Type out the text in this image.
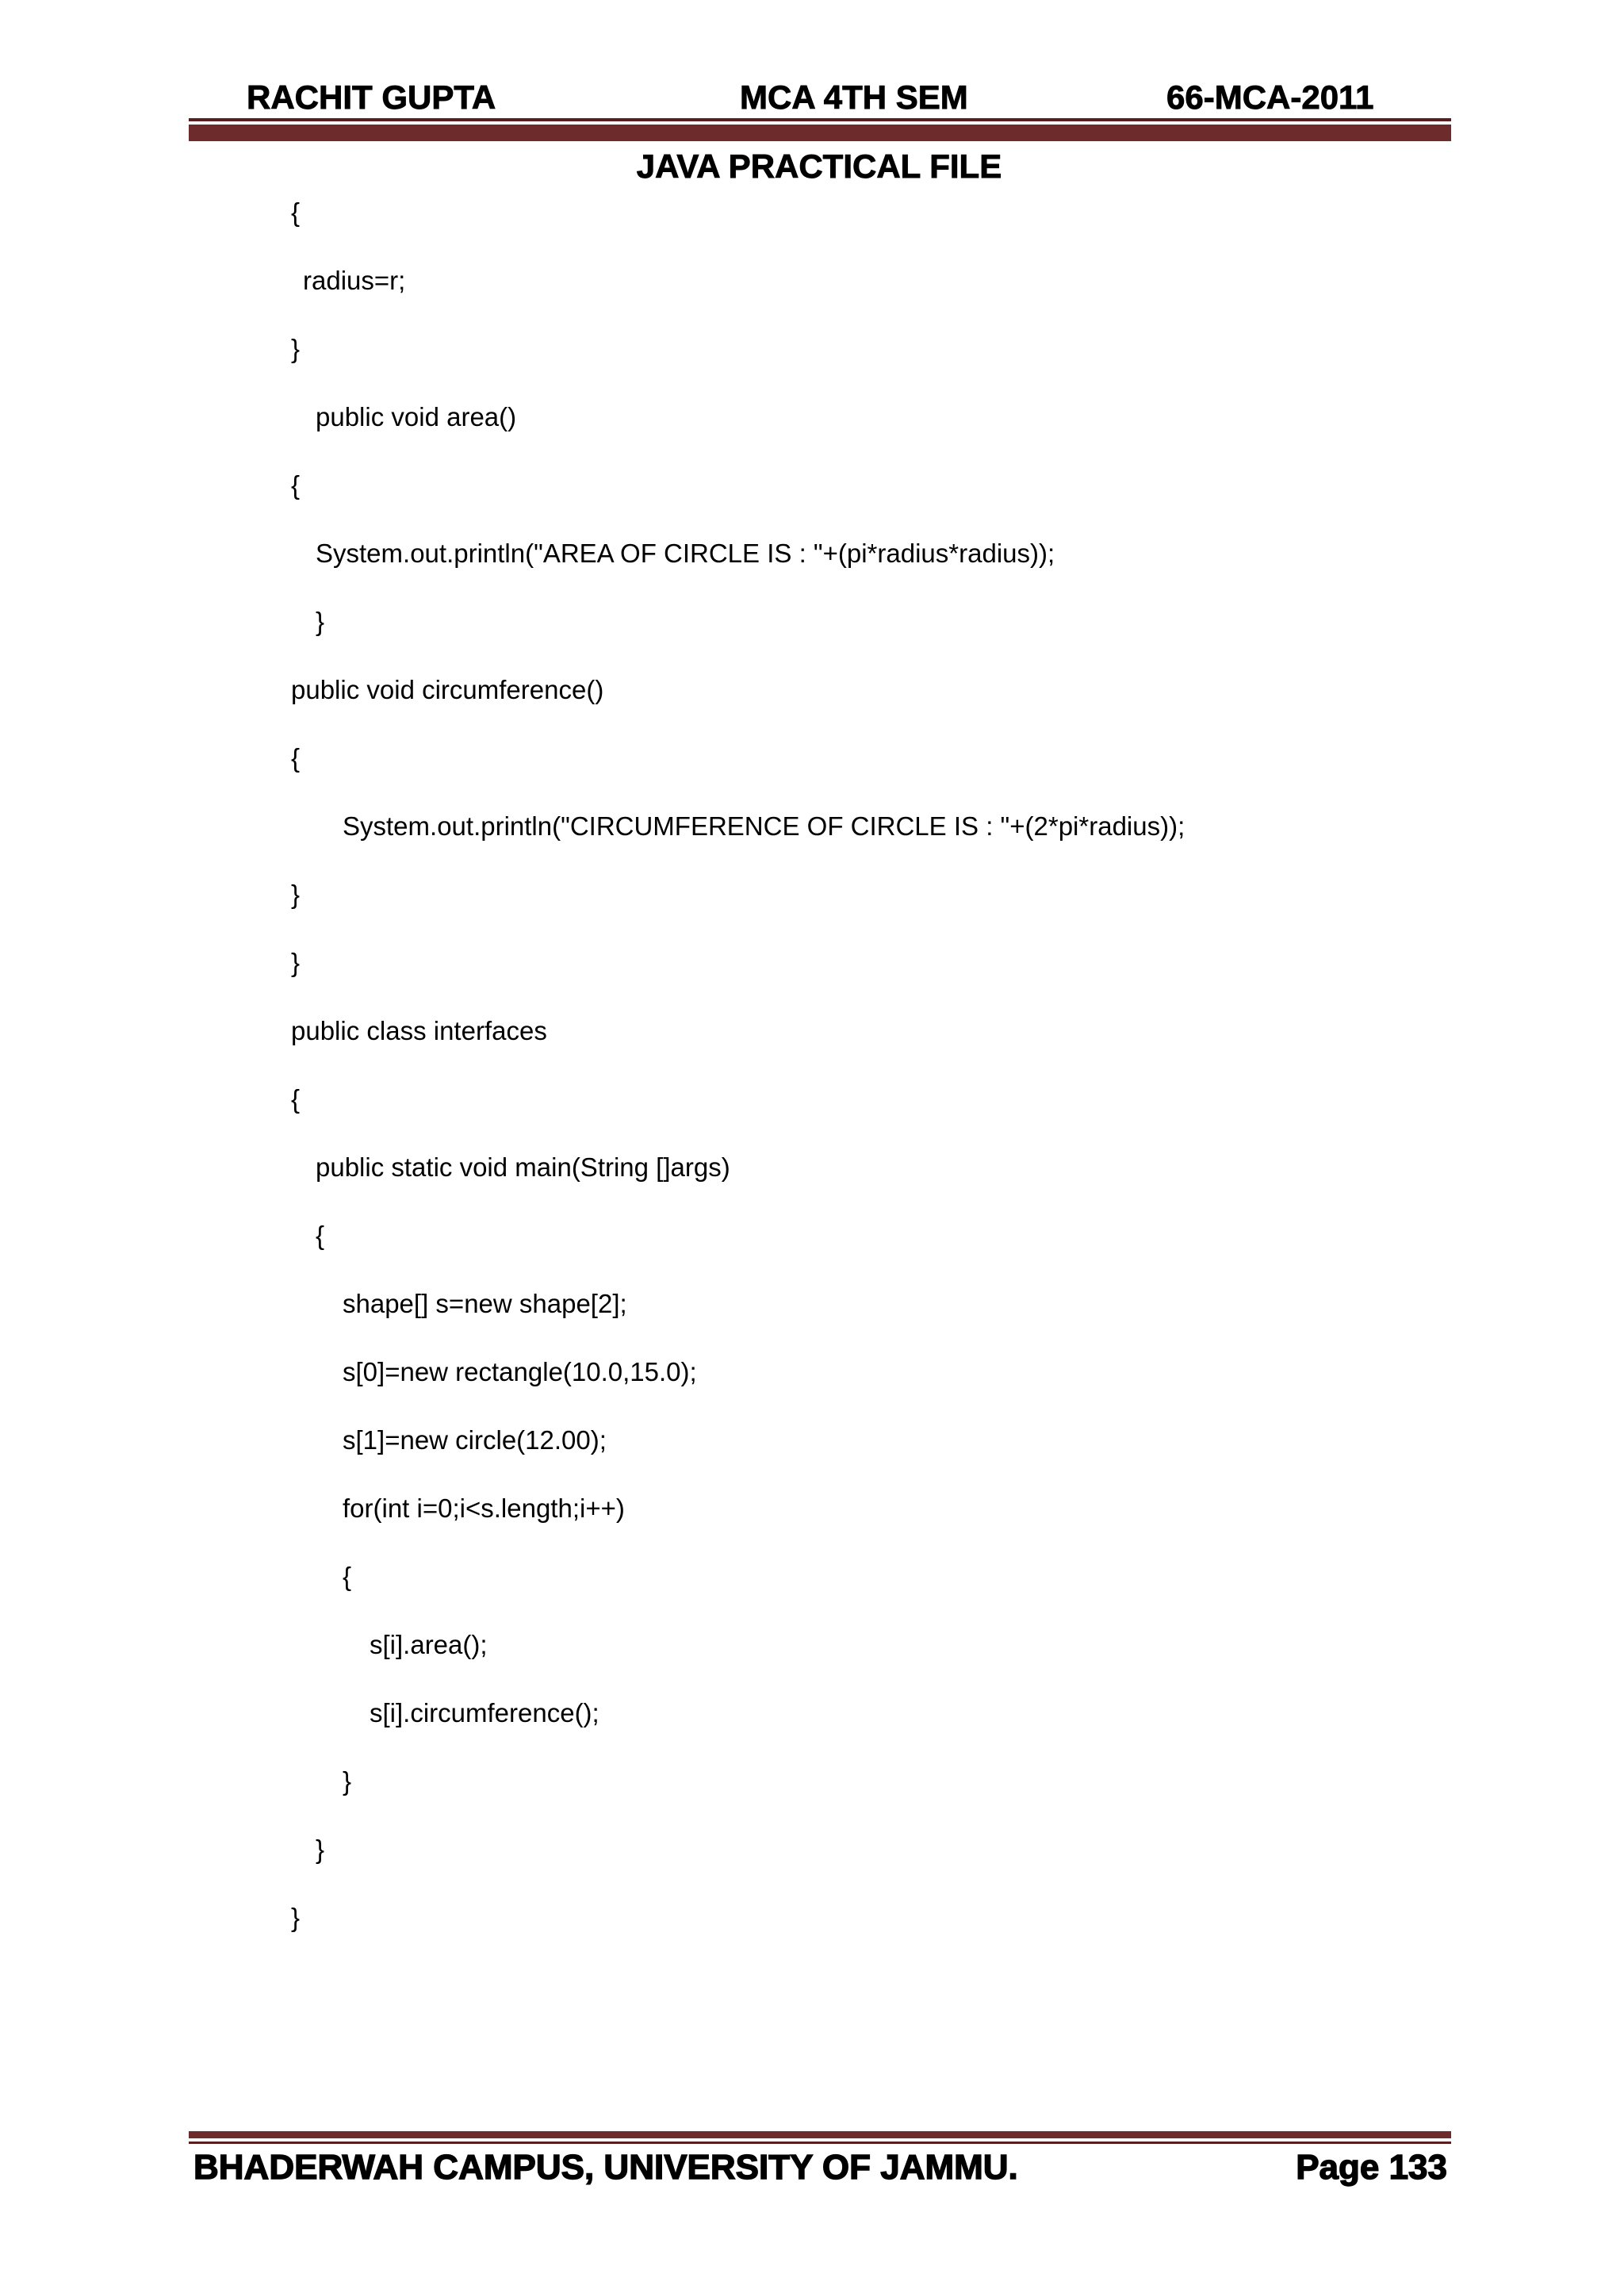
RACHIT GUPTA	MCA 4TH SEM	66-MCA-2011
JAVA PRACTICAL FILE
{
radius=r;
}
public void area()
{
System.out.println("AREA OF CIRCLE IS : "+(pi*radius*radius));
}
public void circumference()
{
System.out.println("CIRCUMFERENCE OF CIRCLE IS : "+(2*pi*radius));
}
}
public class interfaces
{
public static void main(String []args)
{
shape[] s=new shape[2];
s[0]=new rectangle(10.0,15.0);
s[1]=new circle(12.00);
for(int i=0;i<s.length;i++)
{
s[i].area();
s[i].circumference();
}
}
}
BHADERWAH CAMPUS, UNIVERSITY OF JAMMU.	Page 133
